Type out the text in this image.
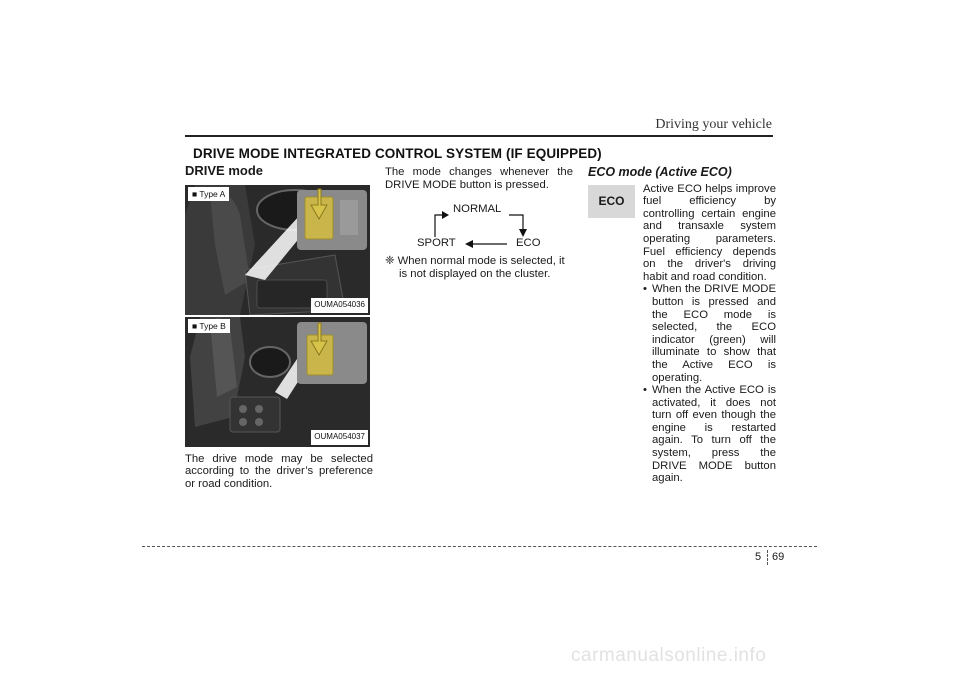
Driving your vehicle
DRIVE MODE INTEGRATED CONTROL SYSTEM (IF EQUIPPED)
DRIVE mode
■ Type A
OUMA054036
■ Type B
OUMA054037

The drive mode may be selected according to the driver’s preference or road condition.

The mode changes whenever the DRIVE MODE button is pressed.

NORMAL
SPORT	ECO

❈ When normal mode is selected, it is not displayed on the cluster.

ECO mode (Active ECO)
ECO

Active ECO helps improve fuel efficiency by controlling certain engine and transaxle system operating parameters. Fuel efficiency depends on the driver's driving habit and road condition.

• When the DRIVE MODE button is pressed and the ECO mode is selected, the ECO indicator (green) will illuminate to show that the Active ECO is operating.

• When the Active ECO is activated, it does not turn off even though the engine is restarted again. To turn off the system, press the DRIVE MODE button again.

5 69
carmanualsonline.info
